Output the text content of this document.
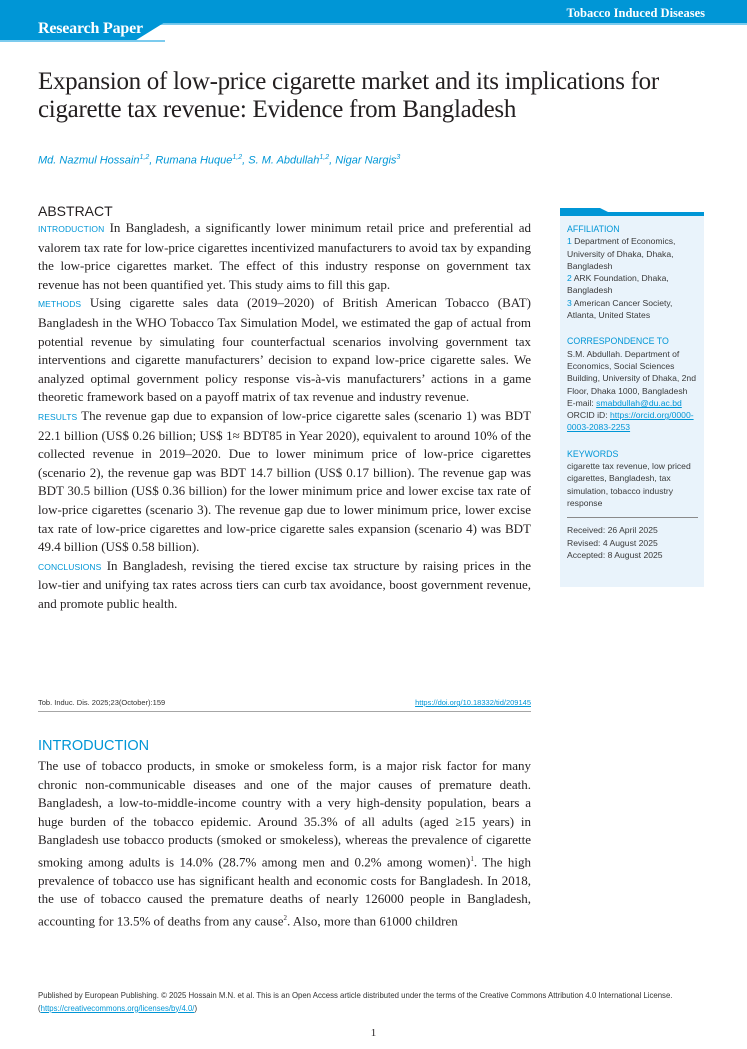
Research Paper
Tobacco Induced Diseases
Expansion of low-price cigarette market and its implications for cigarette tax revenue: Evidence from Bangladesh
Md. Nazmul Hossain$^{1,2}$, Rumana Huque$^{1,2}$, S. M. Abdullah$^{1,2}$, Nigar Nargis$^3$
ABSTRACT

INTRODUCTION In Bangladesh, a significantly lower minimum retail price and preferential ad valorem tax rate for low-price cigarettes incentivized manufacturers to avoid tax by expanding the low-price cigarettes market. The effect of this industry response on government tax revenue has not been quantified yet. This study aims to fill this gap.

METHODS Using cigarette sales data (2019–2020) of British American Tobacco (BAT) Bangladesh in the WHO Tobacco Tax Simulation Model, we estimated the gap of actual from potential revenue by simulating four counterfactual scenarios involving government tax interventions and cigarette manufacturers’ decision to expand low-price cigarette sales. We analyzed optimal government policy response vis-à-vis manufacturers’ actions in a game theoretic framework based on a payoff matrix of tax revenue and industry revenue.

RESULTS The revenue gap due to expansion of low-price cigarette sales (scenario 1) was BDT 22.1 billion (US$ 0.26 billion; US$ 1≈ BDT85 in Year 2020), equivalent to around 10% of the collected revenue in 2019–2020. Due to lower minimum price of low-price cigarettes (scenario 2), the revenue gap was BDT 14.7 billion (US$ 0.17 billion). The revenue gap was BDT 30.5 billion (US$ 0.36 billion) for the lower minimum price and lower excise tax rate of low-price cigarettes (scenario 3). The revenue gap due to lower minimum price, lower excise tax rate of low-price cigarettes and low-price cigarette sales expansion (scenario 4) was BDT 49.4 billion (US$ 0.58 billion).

CONCLUSIONS In Bangladesh, revising the tiered excise tax structure by raising prices in the low-tier and unifying tax rates across tiers can curb tax avoidance, boost government revenue, and promote public health.

Tob. Induc. Dis. 2025;23(October):159	https://doi.org/10.18332/tid/209145
AFFILIATION
1 Department of Economics, University of Dhaka, Dhaka, Bangladesh
2 ARK Foundation, Dhaka, Bangladesh
3 American Cancer Society, Atlanta, United States
CORRESPONDENCE TO
S.M. Abdullah. Department of Economics, Social Sciences Building, University of Dhaka, 2nd Floor, Dhaka 1000, Bangladesh
E-mail: smabdullah@du.ac.bd
ORCID iD: https://orcid.org/0000-0003-2083-2253
KEYWORDS
cigarette tax revenue, low priced cigarettes, Bangladesh, tax simulation, tobacco industry response
Received: 26 April 2025
Revised: 4 August 2025
Accepted: 8 August 2025
INTRODUCTION
The use of tobacco products, in smoke or smokeless form, is a major risk factor for many chronic non-communicable diseases and one of the major causes of premature death. Bangladesh, a low-to-middle-income country with a very high-density population, bears a huge burden of the tobacco epidemic. Around 35.3% of all adults (aged ≥15 years) in Bangladesh use tobacco products (smoked or smokeless), whereas the prevalence of cigarette smoking among adults is 14.0% (28.7% among men and 0.2% among women)$^1$. The high prevalence of tobacco use has significant health and economic costs for Bangladesh. In 2018, the use of tobacco caused the premature deaths of nearly 126000 people in Bangladesh, accounting for 13.5% of deaths from any cause$^2$. Also, more than 61000 children
Published by European Publishing. © 2025 Hossain M.N. et al. This is an Open Access article distributed under the terms of the Creative Commons Attribution 4.0 International License. (https://creativecommons.org/licenses/by/4.0/)
1
